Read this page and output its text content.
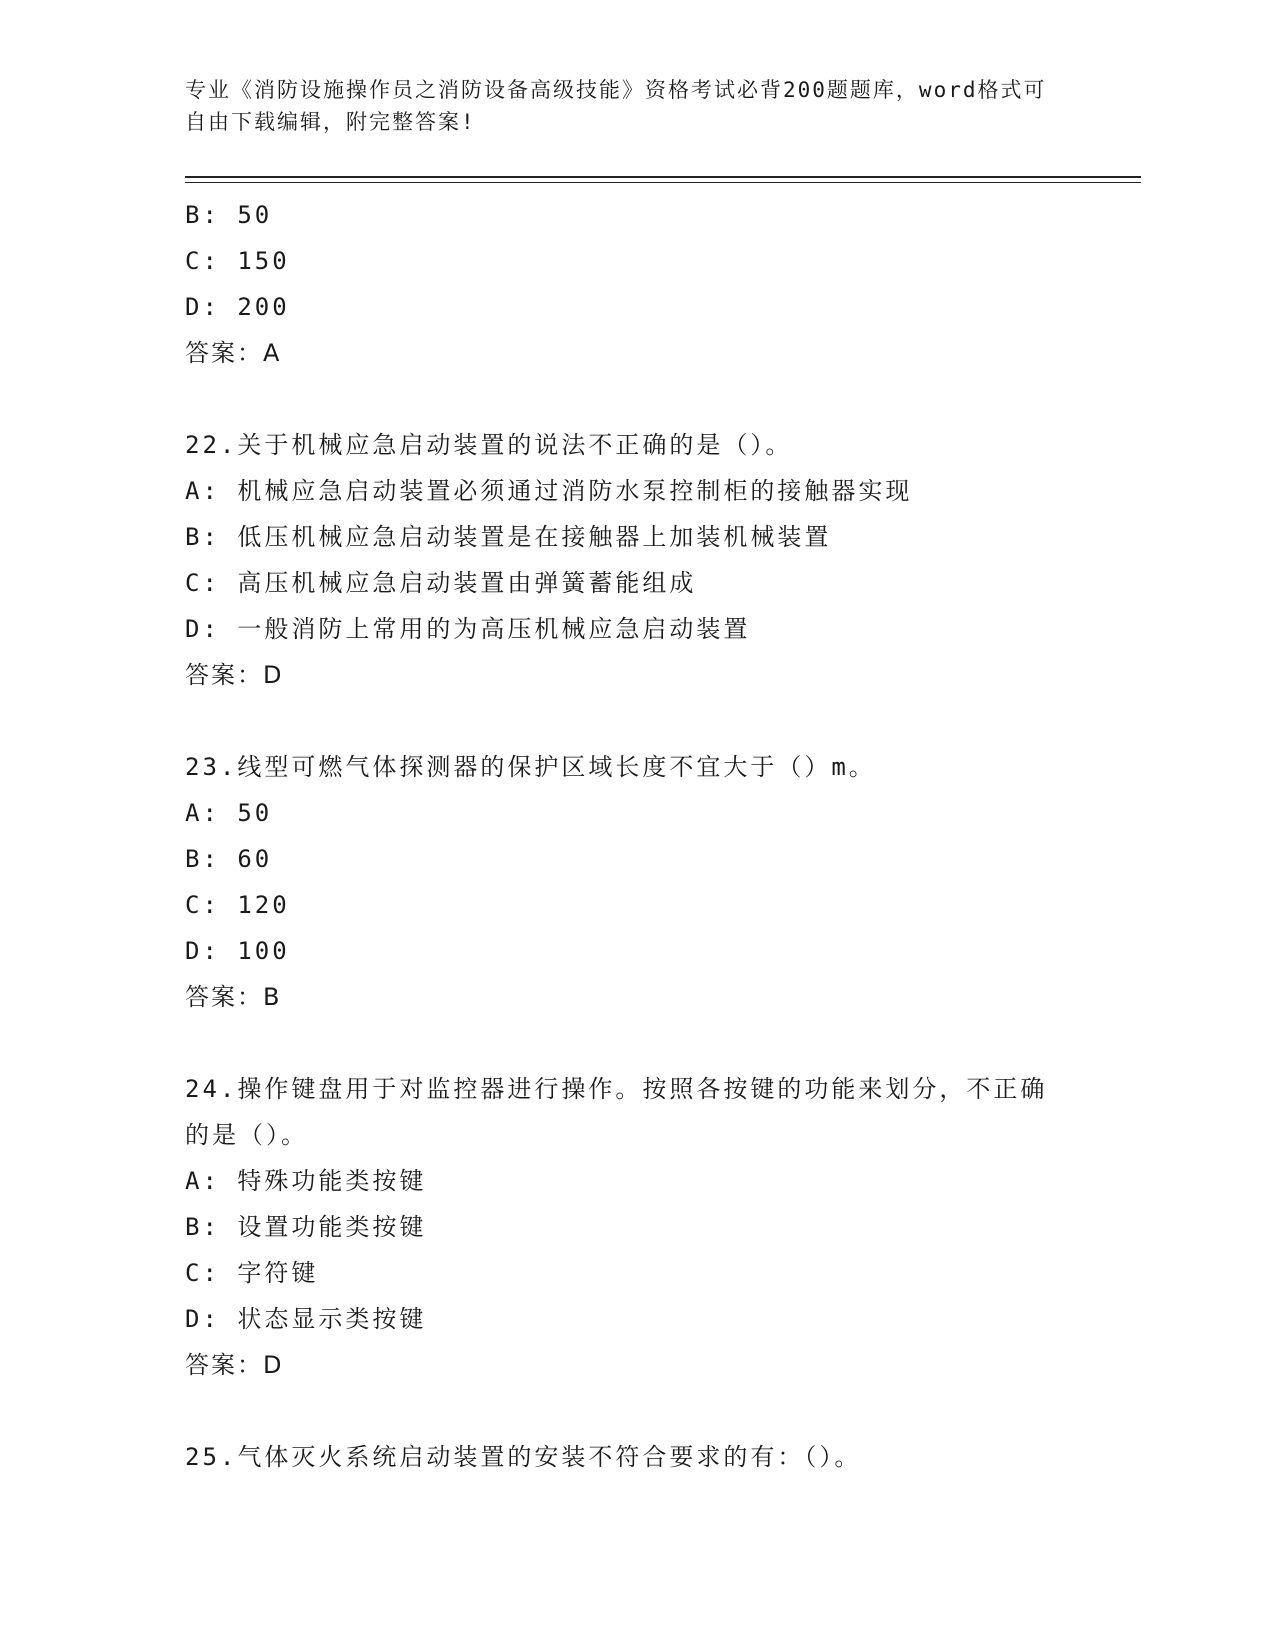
专业《消防设施操作员之消防设备高级技能》资格考试必背200题题库，word格式可自由下载编辑，附完整答案!
B: 50
C: 150
D: 200
答案：A
22.关于机械应急启动装置的说法不正确的是（）。
A: 机械应急启动装置必须通过消防水泵控制柜的接触器实现
B: 低压机械应急启动装置是在接触器上加装机械装置
C: 高压机械应急启动装置由弹簧蓄能组成
D: 一般消防上常用的为高压机械应急启动装置
答案：D
23.线型可燃气体探测器的保护区域长度不宜大于（）m。
A: 50
B: 60
C: 120
D: 100
答案：B
24.操作键盘用于对监控器进行操作。按照各按键的功能来划分，不正确的是（）。
A: 特殊功能类按键
B: 设置功能类按键
C: 字符键
D: 状态显示类按键
答案：D
25.气体灭火系统启动装置的安装不符合要求的有：（）。
